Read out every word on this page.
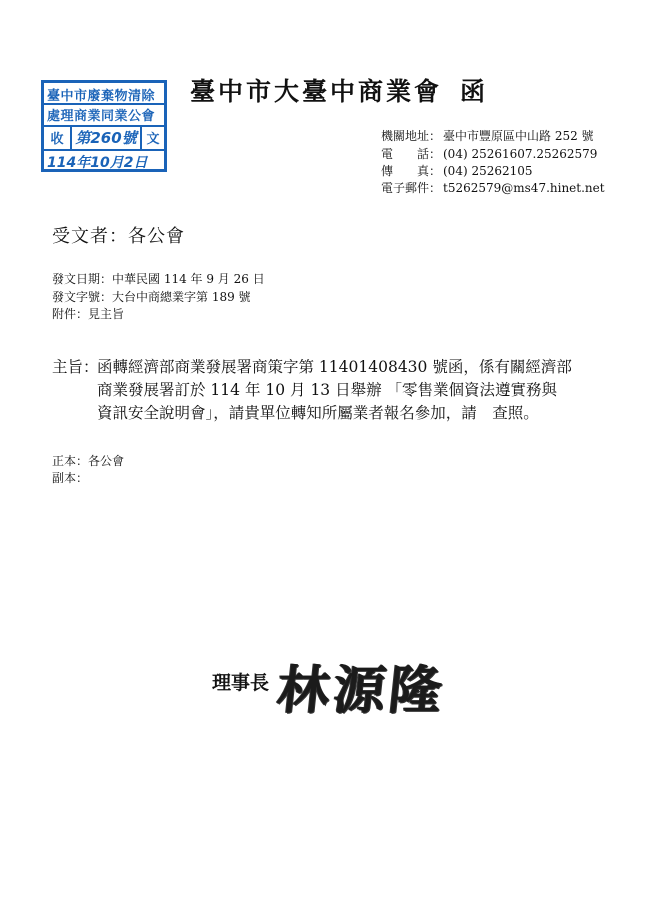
臺中市廢棄物清除
處理商業同業公會
收 第260號 文
114年10月2日
臺中市大臺中商業會 函
機關地址： 臺中市豐原區中山路 252 號
電　　話： (04) 25261607.25262579
傳　　真： (04) 25262105
電子郵件： t5262579@ms47.hinet.net
受文者：各公會
發文日期：中華民國 114 年 9 月 26 日
發文字號：大台中商總業字第 189 號
附件：見主旨
主旨：
函轉經濟部商業發展署商策字第 11401408430 號函，係有關經濟部
商業發展署訂於 114 年 10 月 13 日舉辦 「零售業個資法遵實務與
資訊安全說明會」，請貴單位轉知所屬業者報名參加，請　查照。
正本：各公會
副本：
理事長 林源隆
